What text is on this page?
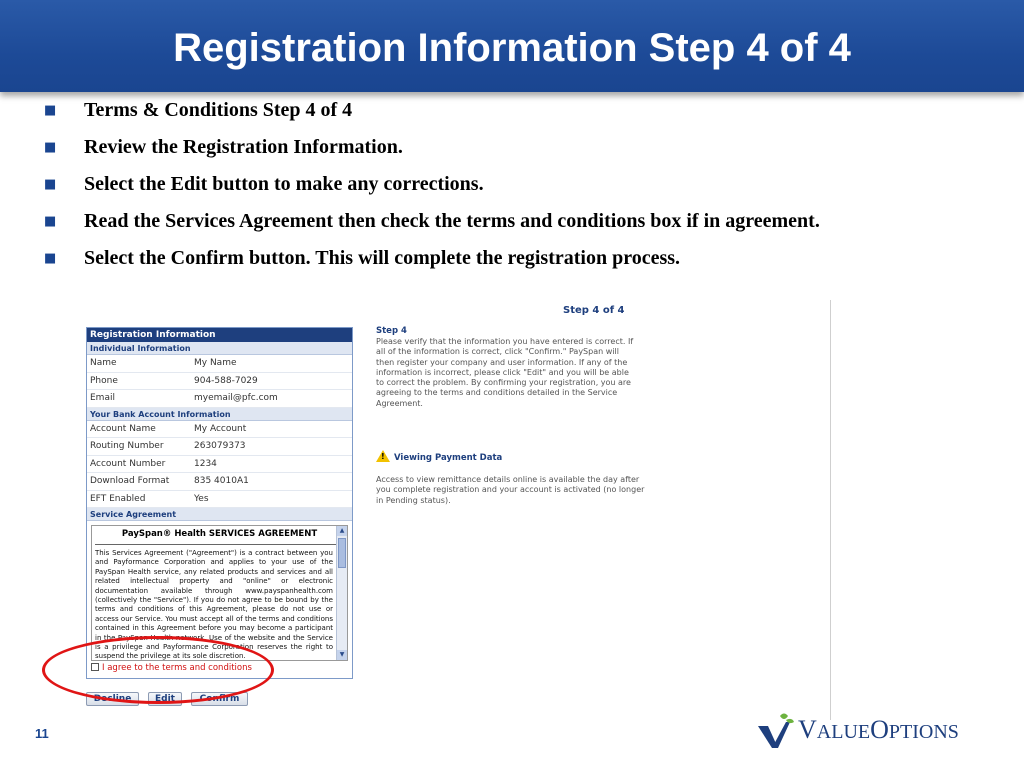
Registration Information Step 4 of 4
■ Terms & Conditions Step 4 of 4
■ Review the Registration Information.
■ Select the Edit button to make any corrections.
■ Read the Services Agreement then check the terms and conditions box if in agreement.
■ Select the Confirm button. This will complete the registration process.
Registration Information
Individual Information
Name	My Name
Phone	904-588-7029
Email	myemail@pfc.com
Your Bank Account Information
Account Name	My Account
Routing Number	263079373
Account Number	1234
Download Format	835 4010A1
EFT Enabled	Yes
Service Agreement
PaySpan® Health SERVICES AGREEMENT
This Services Agreement ("Agreement") is a contract between you and Payformance Corporation and applies to your use of the PaySpan Health service, any related products and services and all related intellectual property and "online" or electronic documentation available through www.payspanhealth.com (collectively the "Service"). If you do not agree to be bound by the terms and conditions of this Agreement, please do not use or access our Service. You must accept all of the terms and conditions contained in this Agreement before you may become a participant in the PaySpan Health network. Use of the website and the Service is a privilege and Payformance Corporation reserves the right to suspend the privilege at its sole discretion.
▲
▼
I agree to the terms and conditions
Decline	Edit	Confirm
Step 4 of 4
Step 4
Please verify that the information you have entered is correct. If all of the information is correct, click "Confirm." PaySpan will then register your company and user information. If any of the information is incorrect, please click "Edit" and you will be able to correct the problem. By confirming your registration, you are agreeing to the terms and conditions detailed in the Service Agreement.
! Viewing Payment Data
Access to view remittance details online is available the day after you complete registration and your account is activated (no longer in Pending status).
11	VALUEOPTIONS
